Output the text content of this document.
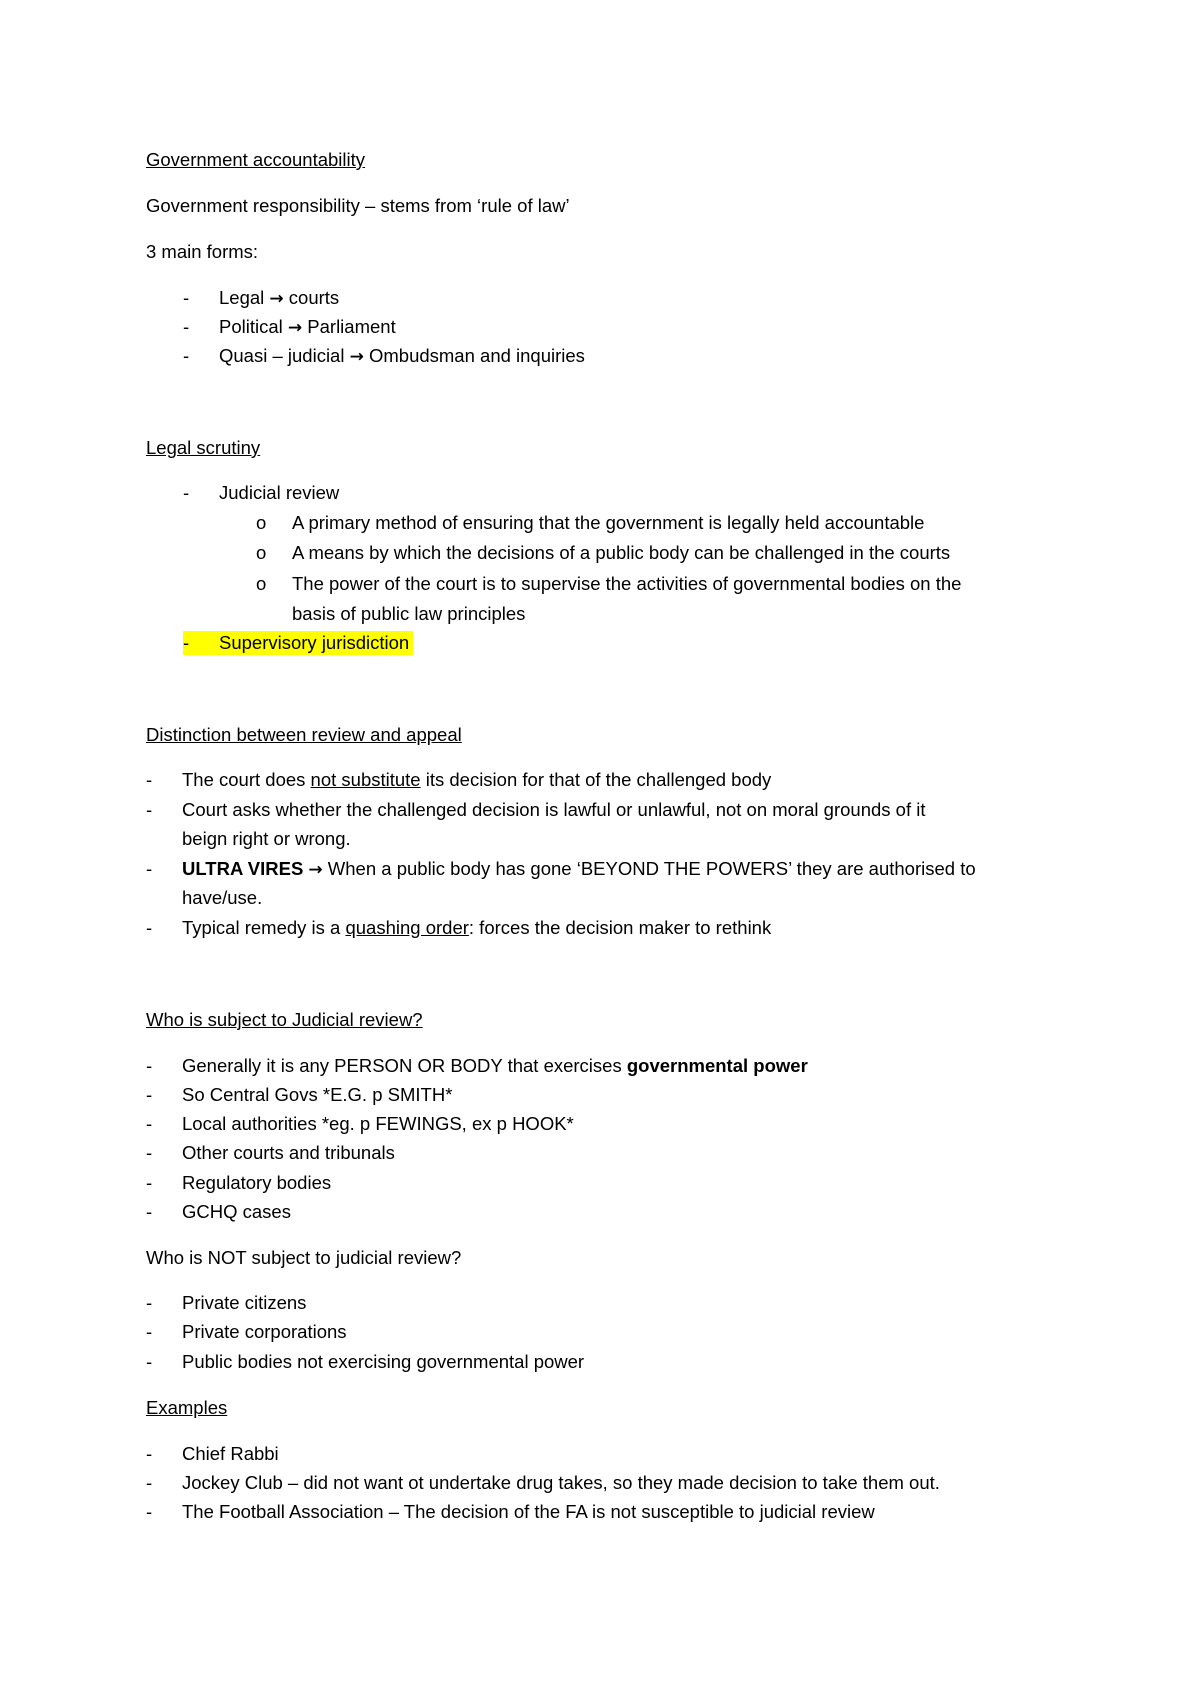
Government accountability
Government responsibility – stems from ‘rule of law’
3 main forms:
- Legal → courts
- Political → Parliament
- Quasi – judicial → Ombudsman and inquiries
Legal scrutiny
- Judicial review
o A primary method of ensuring that the government is legally held accountable
o A means by which the decisions of a public body can be challenged in the courts
o The power of the court is to supervise the activities of governmental bodies on the
basis of public law principles
- Supervisory jurisdiction
Distinction between review and appeal
- The court does not substitute its decision for that of the challenged body
- Court asks whether the challenged decision is lawful or unlawful, not on moral grounds of it
beign right or wrong.
- ULTRA VIRES → When a public body has gone ‘BEYOND THE POWERS’ they are authorised to
have/use.
- Typical remedy is a quashing order: forces the decision maker to rethink
Who is subject to Judicial review?
- Generally it is any PERSON OR BODY that exercises governmental power
- So Central Govs *E.G. p SMITH*
- Local authorities *eg. p FEWINGS, ex p HOOK*
- Other courts and tribunals
- Regulatory bodies
- GCHQ cases
Who is NOT subject to judicial review?
- Private citizens
- Private corporations
- Public bodies not exercising governmental power
Examples
- Chief Rabbi
- Jockey Club – did not want ot undertake drug takes, so they made decision to take them out.
- The Football Association – The decision of the FA is not susceptible to judicial review
